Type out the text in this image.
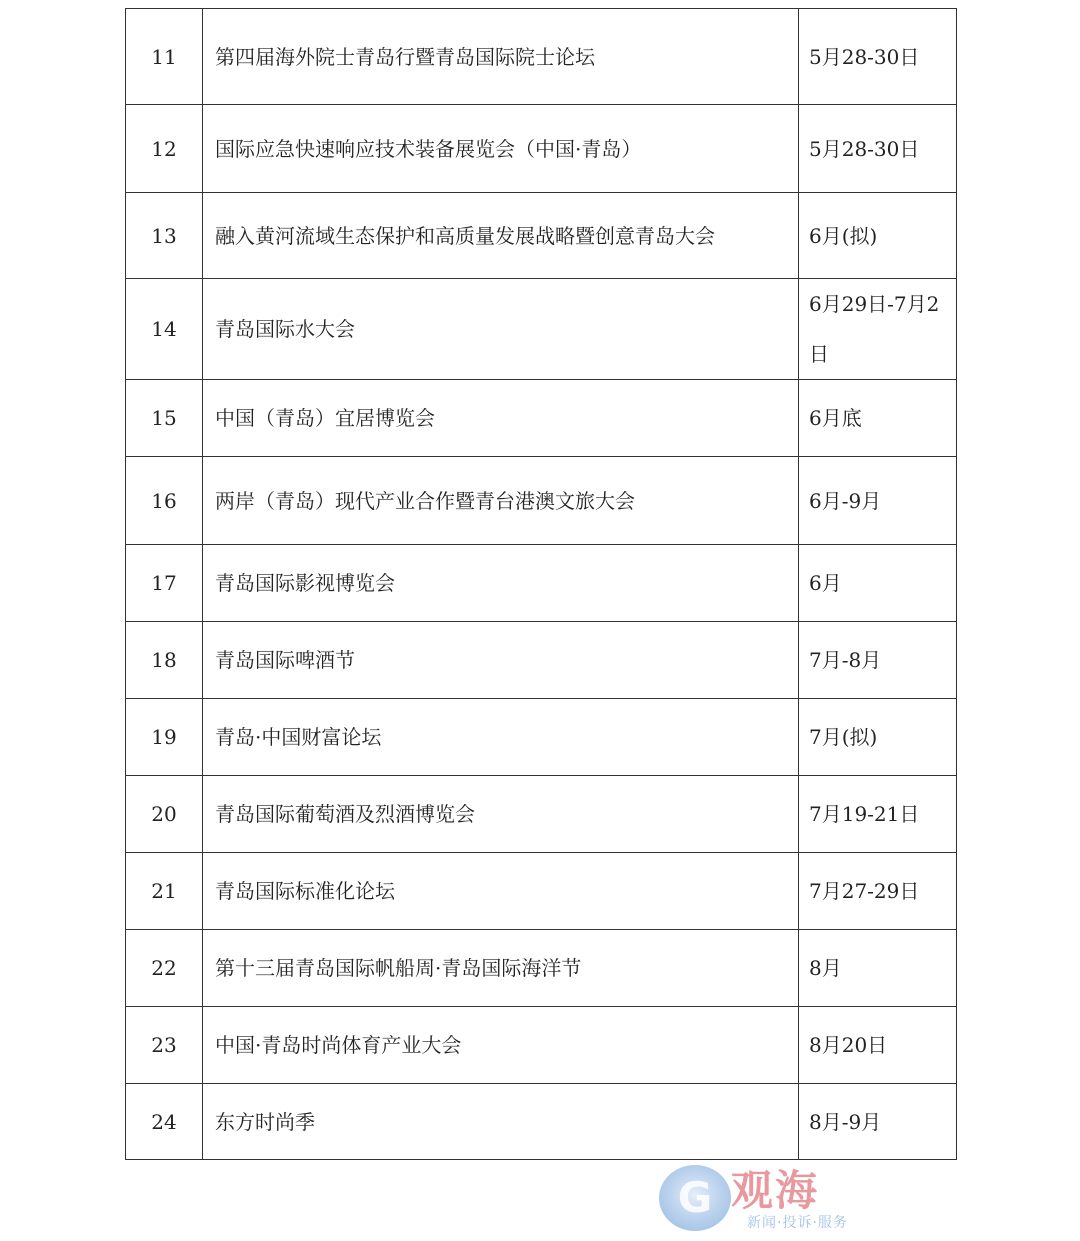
11	第四届海外院士青岛行暨青岛国际院士论坛	5月28-30日
12	国际应急快速响应技术装备展览会（中国·青岛）	5月28-30日
13	融入黄河流域生态保护和高质量发展战略暨创意青岛大会	6月(拟)
14	青岛国际水大会	6月29日-7月2日
15	中国（青岛）宜居博览会	6月底
16	两岸（青岛）现代产业合作暨青台港澳文旅大会	6月-9月
17	青岛国际影视博览会	6月
18	青岛国际啤酒节	7月-8月
19	青岛·中国财富论坛	7月(拟)
20	青岛国际葡萄酒及烈酒博览会	7月19-21日
21	青岛国际标准化论坛	7月27-29日
22	第十三届青岛国际帆船周·青岛国际海洋节	8月
23	中国·青岛时尚体育产业大会	8月20日
24	东方时尚季	8月-9月
G 观海
新闻·投诉·服务
